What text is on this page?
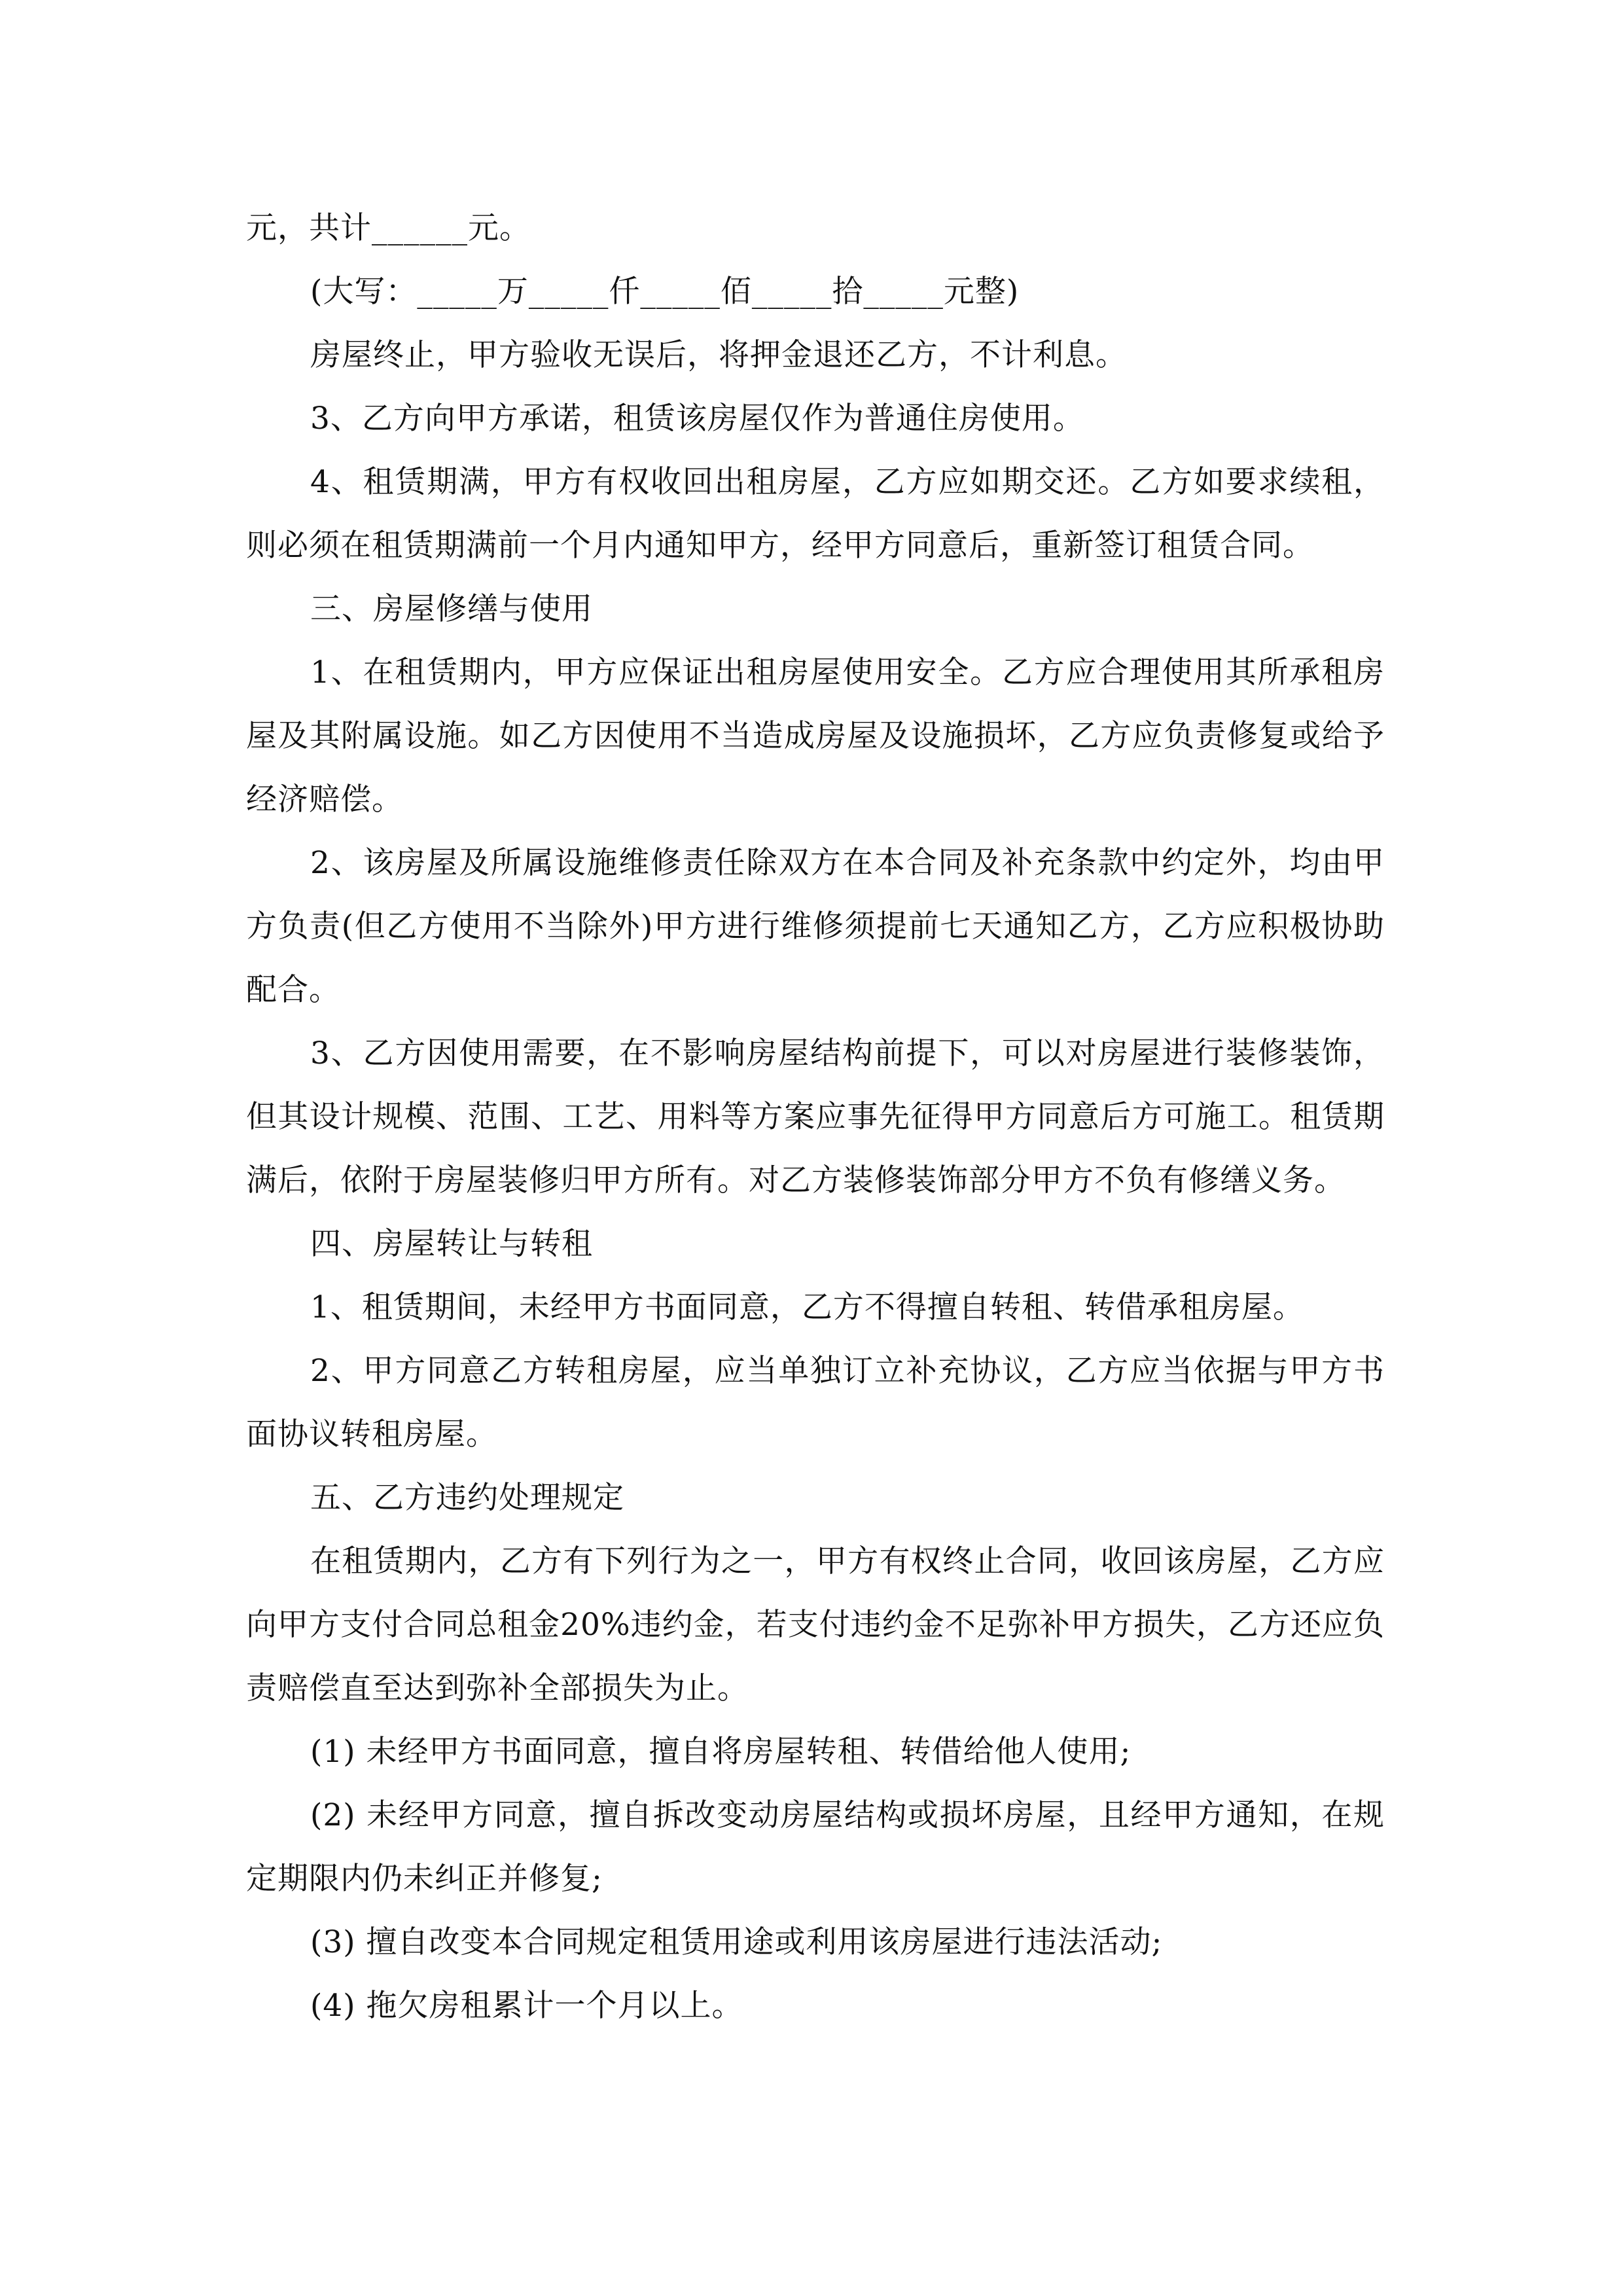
元，共计______元。

(大写：_____万_____仟_____佰_____拾_____元整)

房屋终止，甲方验收无误后，将押金退还乙方，不计利息。

3、乙方向甲方承诺，租赁该房屋仅作为普通住房使用。

4、租赁期满，甲方有权收回出租房屋，乙方应如期交还。乙方如要求续租，则必须在租赁期满前一个月内通知甲方，经甲方同意后，重新签订租赁合同。

三、房屋修缮与使用

1、在租赁期内，甲方应保证出租房屋使用安全。乙方应合理使用其所承租房屋及其附属设施。如乙方因使用不当造成房屋及设施损坏，乙方应负责修复或给予经济赔偿。

2、该房屋及所属设施维修责任除双方在本合同及补充条款中约定外，均由甲方负责(但乙方使用不当除外)甲方进行维修须提前七天通知乙方，乙方应积极协助配合。

3、乙方因使用需要，在不影响房屋结构前提下，可以对房屋进行装修装饰，但其设计规模、范围、工艺、用料等方案应事先征得甲方同意后方可施工。租赁期满后，依附于房屋装修归甲方所有。对乙方装修装饰部分甲方不负有修缮义务。

四、房屋转让与转租

1、租赁期间，未经甲方书面同意，乙方不得擅自转租、转借承租房屋。

2、甲方同意乙方转租房屋，应当单独订立补充协议，乙方应当依据与甲方书面协议转租房屋。

五、乙方违约处理规定

在租赁期内，乙方有下列行为之一，甲方有权终止合同，收回该房屋，乙方应向甲方支付合同总租金20%违约金，若支付违约金不足弥补甲方损失，乙方还应负责赔偿直至达到弥补全部损失为止。

(1) 未经甲方书面同意，擅自将房屋转租、转借给他人使用;

(2) 未经甲方同意，擅自拆改变动房屋结构或损坏房屋，且经甲方通知，在规定期限内仍未纠正并修复;

(3) 擅自改变本合同规定租赁用途或利用该房屋进行违法活动;

(4) 拖欠房租累计一个月以上。
